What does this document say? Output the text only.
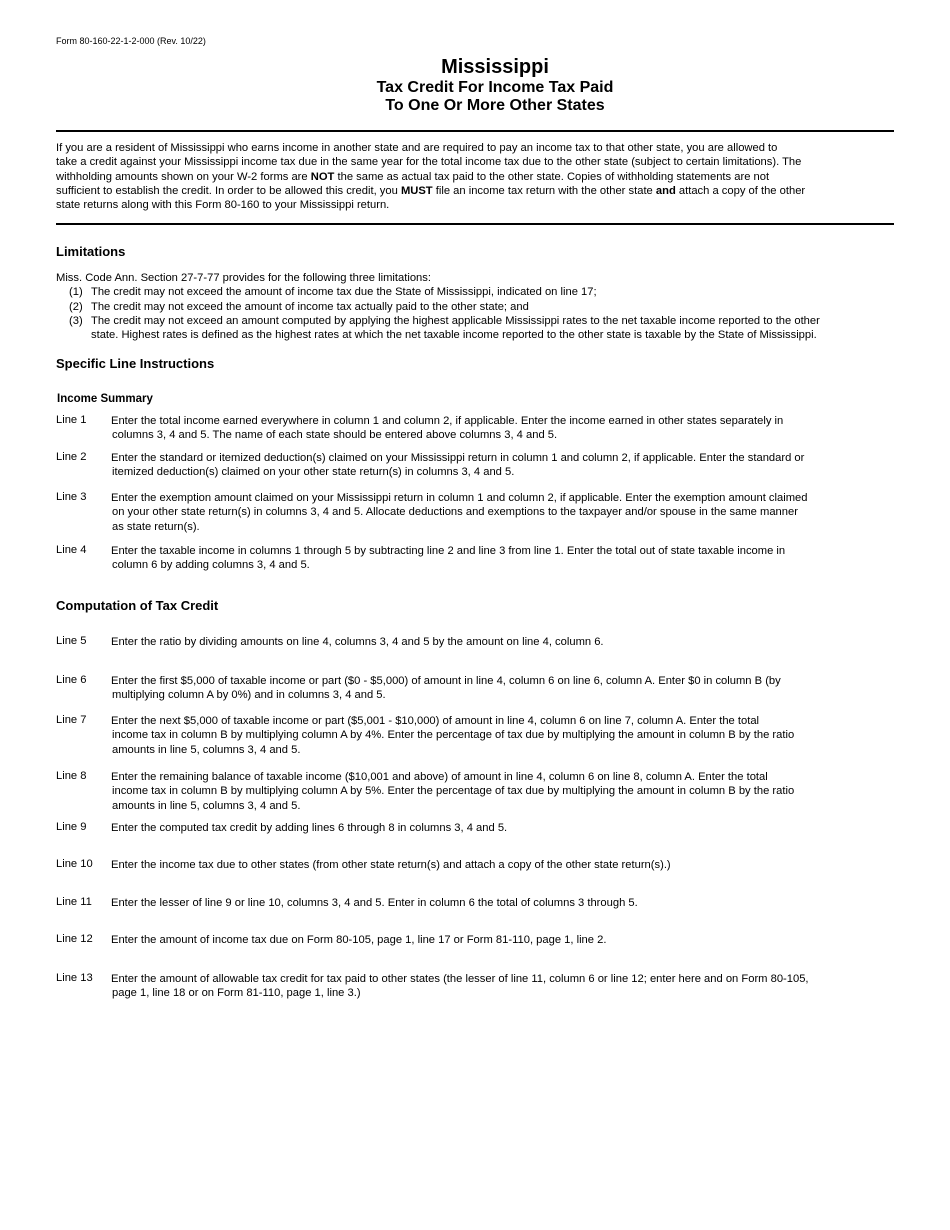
Form 80-160-22-1-2-000 (Rev. 10/22)
Mississippi
Tax Credit For Income Tax Paid
To One Or More Other States
If you are a resident of Mississippi who earns income in another state and are required to pay an income tax to that other state, you are allowed to
take a credit against your Mississippi income tax due in the same year for the total income tax due to the other state (subject to certain limitations). The
withholding amounts shown on your W-2 forms are NOT the same as actual tax paid to the other state. Copies of withholding statements are not
sufficient to establish the credit. In order to be allowed this credit, you MUST file an income tax return with the other state and attach a copy of the other
state returns along with this Form 80-160 to your Mississippi return.
Limitations
Miss. Code Ann. Section 27-7-77 provides for the following three limitations:
(1) The credit may not exceed the amount of income tax due the State of Mississippi, indicated on line 17;
(2) The credit may not exceed the amount of income tax actually paid to the other state; and
(3) The credit may not exceed an amount computed by applying the highest applicable Mississippi rates to the net taxable income reported to the other
state. Highest rates is defined as the highest rates at which the net taxable income reported to the other state is taxable by the State of Mississippi.
Specific Line Instructions
Income Summary
Line 1 Enter the total income earned everywhere in column 1 and column 2, if applicable. Enter the income earned in other states separately in
columns 3, 4 and 5. The name of each state should be entered above columns 3, 4 and 5.
Line 2 Enter the standard or itemized deduction(s) claimed on your Mississippi return in column 1 and column 2, if applicable. Enter the standard or
itemized deduction(s) claimed on your other state return(s) in columns 3, 4 and 5.
Line 3 Enter the exemption amount claimed on your Mississippi return in column 1 and column 2, if applicable. Enter the exemption amount claimed
on your other state return(s) in columns 3, 4 and 5. Allocate deductions and exemptions to the taxpayer and/or spouse in the same manner
as state return(s).
Line 4 Enter the taxable income in columns 1 through 5 by subtracting line 2 and line 3 from line 1. Enter the total out of state taxable income in
column 6 by adding columns 3, 4 and 5.
Computation of Tax Credit
Line 5 Enter the ratio by dividing amounts on line 4, columns 3, 4 and 5 by the amount on line 4, column 6.
Line 6 Enter the first $5,000 of taxable income or part ($0 - $5,000) of amount in line 4, column 6 on line 6, column A. Enter $0 in column B (by
multiplying column A by 0%) and in columns 3, 4 and 5.
Line 7 Enter the next $5,000 of taxable income or part ($5,001 - $10,000) of amount in line 4, column 6 on line 7, column A. Enter the total
income tax in column B by multiplying column A by 4%. Enter the percentage of tax due by multiplying the amount in column B by the ratio
amounts in line 5, columns 3, 4 and 5.
Line 8 Enter the remaining balance of taxable income ($10,001 and above) of amount in line 4, column 6 on line 8, column A. Enter the total
income tax in column B by multiplying column A by 5%. Enter the percentage of tax due by multiplying the amount in column B by the ratio
amounts in line 5, columns 3, 4 and 5.
Line 9 Enter the computed tax credit by adding lines 6 through 8 in columns 3, 4 and 5.
Line 10 Enter the income tax due to other states (from other state return(s) and attach a copy of the other state return(s).)
Line 11 Enter the lesser of line 9 or line 10, columns 3, 4 and 5. Enter in column 6 the total of columns 3 through 5.
Line 12 Enter the amount of income tax due on Form 80-105, page 1, line 17 or Form 81-110, page 1, line 2.
Line 13 Enter the amount of allowable tax credit for tax paid to other states (the lesser of line 11, column 6 or line 12; enter here and on Form 80-105,
page 1, line 18 or on Form 81-110, page 1, line 3.)
